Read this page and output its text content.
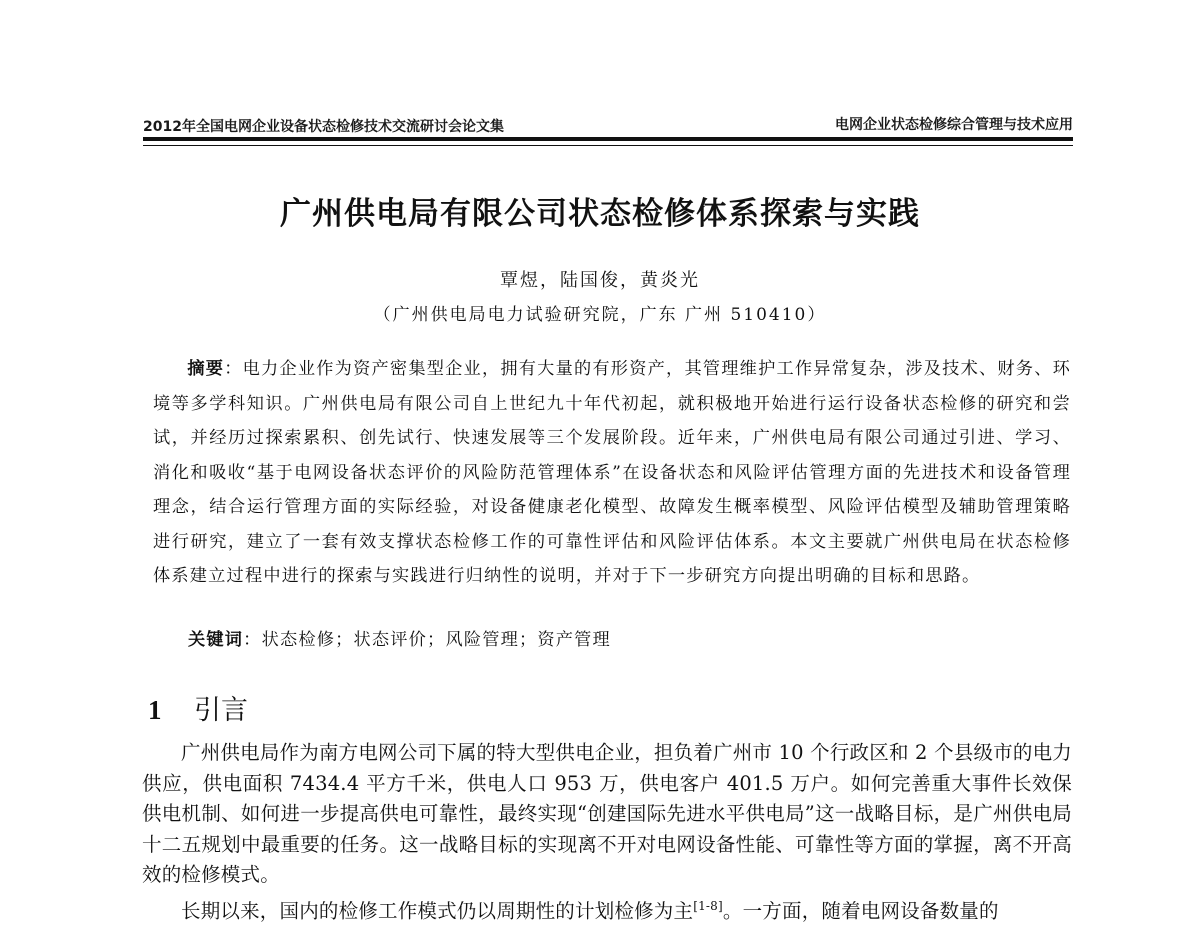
2012年全国电网企业设备状态检修技术交流研讨会论文集	电网企业状态检修综合管理与技术应用
广州供电局有限公司状态检修体系探索与实践
覃煜，陆国俊，黄炎光
（广州供电局电力试验研究院，广东 广州 510410）
摘要：电力企业作为资产密集型企业，拥有大量的有形资产，其管理维护工作异常复杂，涉及技术、财务、环境等多学科知识。广州供电局有限公司自上世纪九十年代初起，就积极地开始进行运行设备状态检修的研究和尝试，并经历过探索累积、创先试行、快速发展等三个发展阶段。近年来，广州供电局有限公司通过引进、学习、消化和吸收“基于电网设备状态评价的风险防范管理体系”在设备状态和风险评估管理方面的先进技术和设备管理理念，结合运行管理方面的实际经验，对设备健康老化模型、故障发生概率模型、风险评估模型及辅助管理策略进行研究，建立了一套有效支撑状态检修工作的可靠性评估和风险评估体系。本文主要就广州供电局在状态检修体系建立过程中进行的探索与实践进行归纳性的说明，并对于下一步研究方向提出明确的目标和思路。
关键词：状态检修；状态评价；风险管理；资产管理
1 引言

广州供电局作为南方电网公司下属的特大型供电企业，担负着广州市 10 个行政区和 2 个县级市的电力供应，供电面积 7434.4 平方千米，供电人口 953 万，供电客户 401.5 万户。如何完善重大事件长效保供电机制、如何进一步提高供电可靠性，最终实现“创建国际先进水平供电局”这一战略目标，是广州供电局十二五规划中最重要的任务。这一战略目标的实现离不开对电网设备性能、可靠性等方面的掌握，离不开高效的检修模式。

长期以来，国内的检修工作模式仍以周期性的计划检修为主[1-8]。一方面，随着电网设备数量的
